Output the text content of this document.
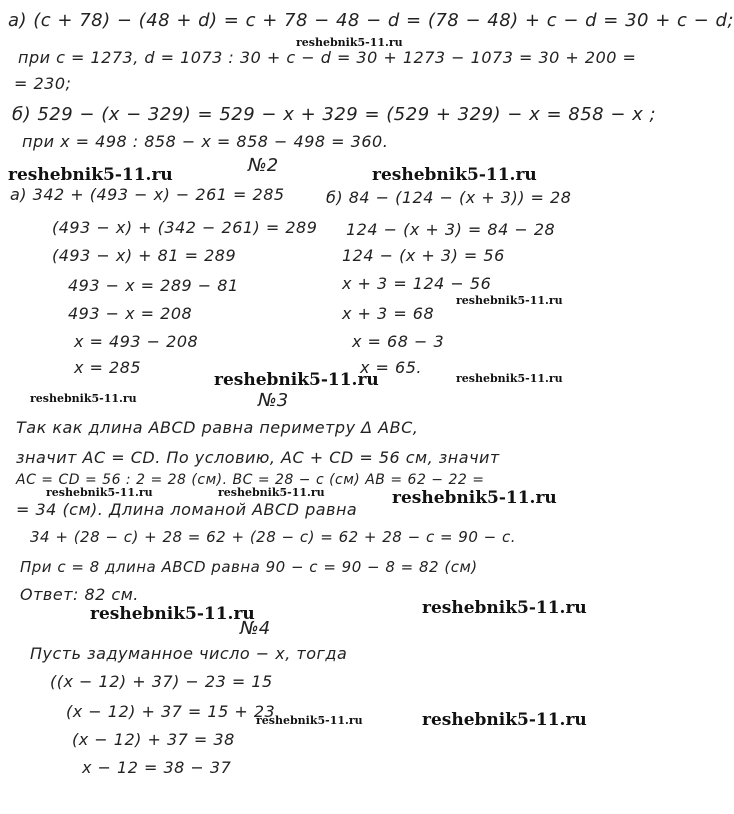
а) (c + 78) − (48 + d) = c + 78 − 48 − d = (78 − 48) + c − d = 30 + c − d;
при c = 1273, d = 1073 : 30 + c − d = 30 + 1273 − 1073 = 30 + 200 =
= 230;
б) 529 − (x − 329) = 529 − x + 329 = (529 + 329) − x = 858 − x ;
при x = 498 : 858 − x = 858 − 498 = 360.
№2
а) 342 + (493 − x) − 261 = 285
(493 − x) + (342 − 261) = 289
(493 − x) + 81 = 289
493 − x = 289 − 81
493 − x = 208
x = 493 − 208
x = 285
б) 84 − (124 − (x + 3)) = 28
124 − (x + 3) = 84 − 28
124 − (x + 3) = 56
x + 3 = 124 − 56
x + 3 = 68
x = 68 − 3
x = 65.
№3
Так как длина ABCD равна периметру Δ ABC,
значит AC = CD. По условию, AC + CD = 56 см, значит
AC = CD = 56 : 2 = 28 (см). BC = 28 − c (см) AB = 62 − 22 =
= 34 (см). Длина ломаной ABCD равна
34 + (28 − c) + 28 = 62 + (28 − c) = 62 + 28 − c = 90 − c.
При c = 8 длина ABCD равна 90 − c = 90 − 8 = 82 (см)
Ответ: 82 см.
№4
Пусть задуманное число − x, тогда
((x − 12) + 37) − 23 = 15
(x − 12) + 37 = 15 + 23
(x − 12) + 37 = 38
x − 12 = 38 − 37
reshebnik5-11.ru
reshebnik5-11.ru	reshebnik5-11.ru
reshebnik5-11.ru
reshebnik5-11.ru	reshebnik5-11.ru
reshebnik5-11.ru
reshebnik5-11.ru	reshebnik5-11.ru	reshebnik5-11.ru
reshebnik5-11.ru	reshebnik5-11.ru
reshebnik5-11.ru	reshebnik5-11.ru
